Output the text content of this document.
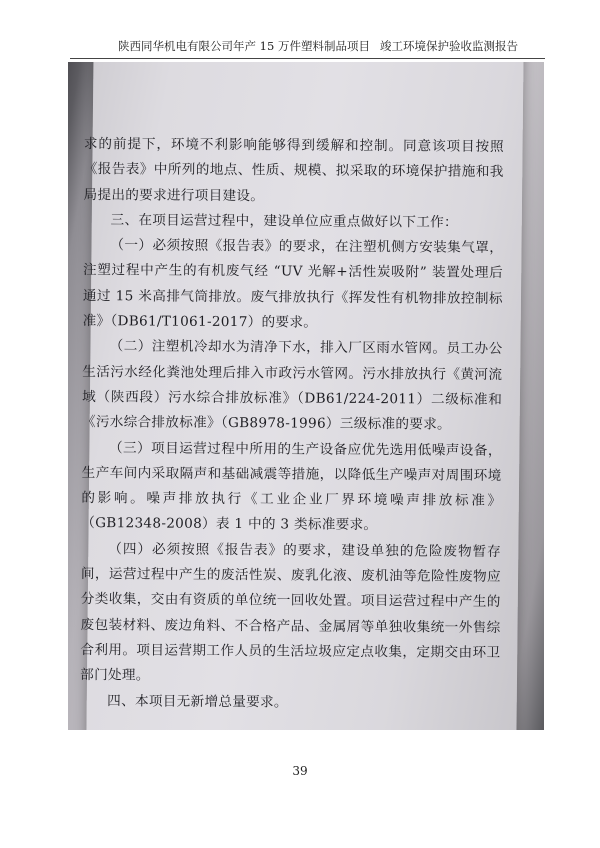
陕西同华机电有限公司年产 15 万件塑料制品项目 竣工环境保护验收监测报告

求的前提下，环境不利影响能够得到缓解和控制。同意该项目按照《报告表》中所列的地点、性质、规模、拟采取的环境保护措施和我局提出的要求进行项目建设。

三、在项目运营过程中，建设单位应重点做好以下工作：

（一）必须按照《报告表》的要求，在注塑机侧方安装集气罩，注塑过程中产生的有机废气经 “UV 光解+活性炭吸附” 装置处理后通过 15 米高排气筒排放。废气排放执行《挥发性有机物排放控制标准》（DB61/T1061-2017）的要求。

（二）注塑机冷却水为清净下水，排入厂区雨水管网。员工办公生活污水经化粪池处理后排入市政污水管网。污水排放执行《黄河流域（陕西段）污水综合排放标准》（DB61/224-2011）二级标准和《污水综合排放标准》（GB8978-1996）三级标准的要求。

（三）项目运营过程中所用的生产设备应优先选用低噪声设备，生产车间内采取隔声和基础减震等措施，以降低生产噪声对周围环境的影响。噪声排放执行《工业企业厂界环境噪声排放标准》（GB12348-2008）表 1 中的 3 类标准要求。

（四）必须按照《报告表》的要求，建设单独的危险废物暂存间，运营过程中产生的废活性炭、废乳化液、废机油等危险性废物应分类收集，交由有资质的单位统一回收处置。项目运营过程中产生的废包装材料、废边角料、不合格产品、金属屑等单独收集统一外售综合利用。项目运营期工作人员的生活垃圾应定点收集，定期交由环卫部门处理。

四、本项目无新增总量要求。

39
